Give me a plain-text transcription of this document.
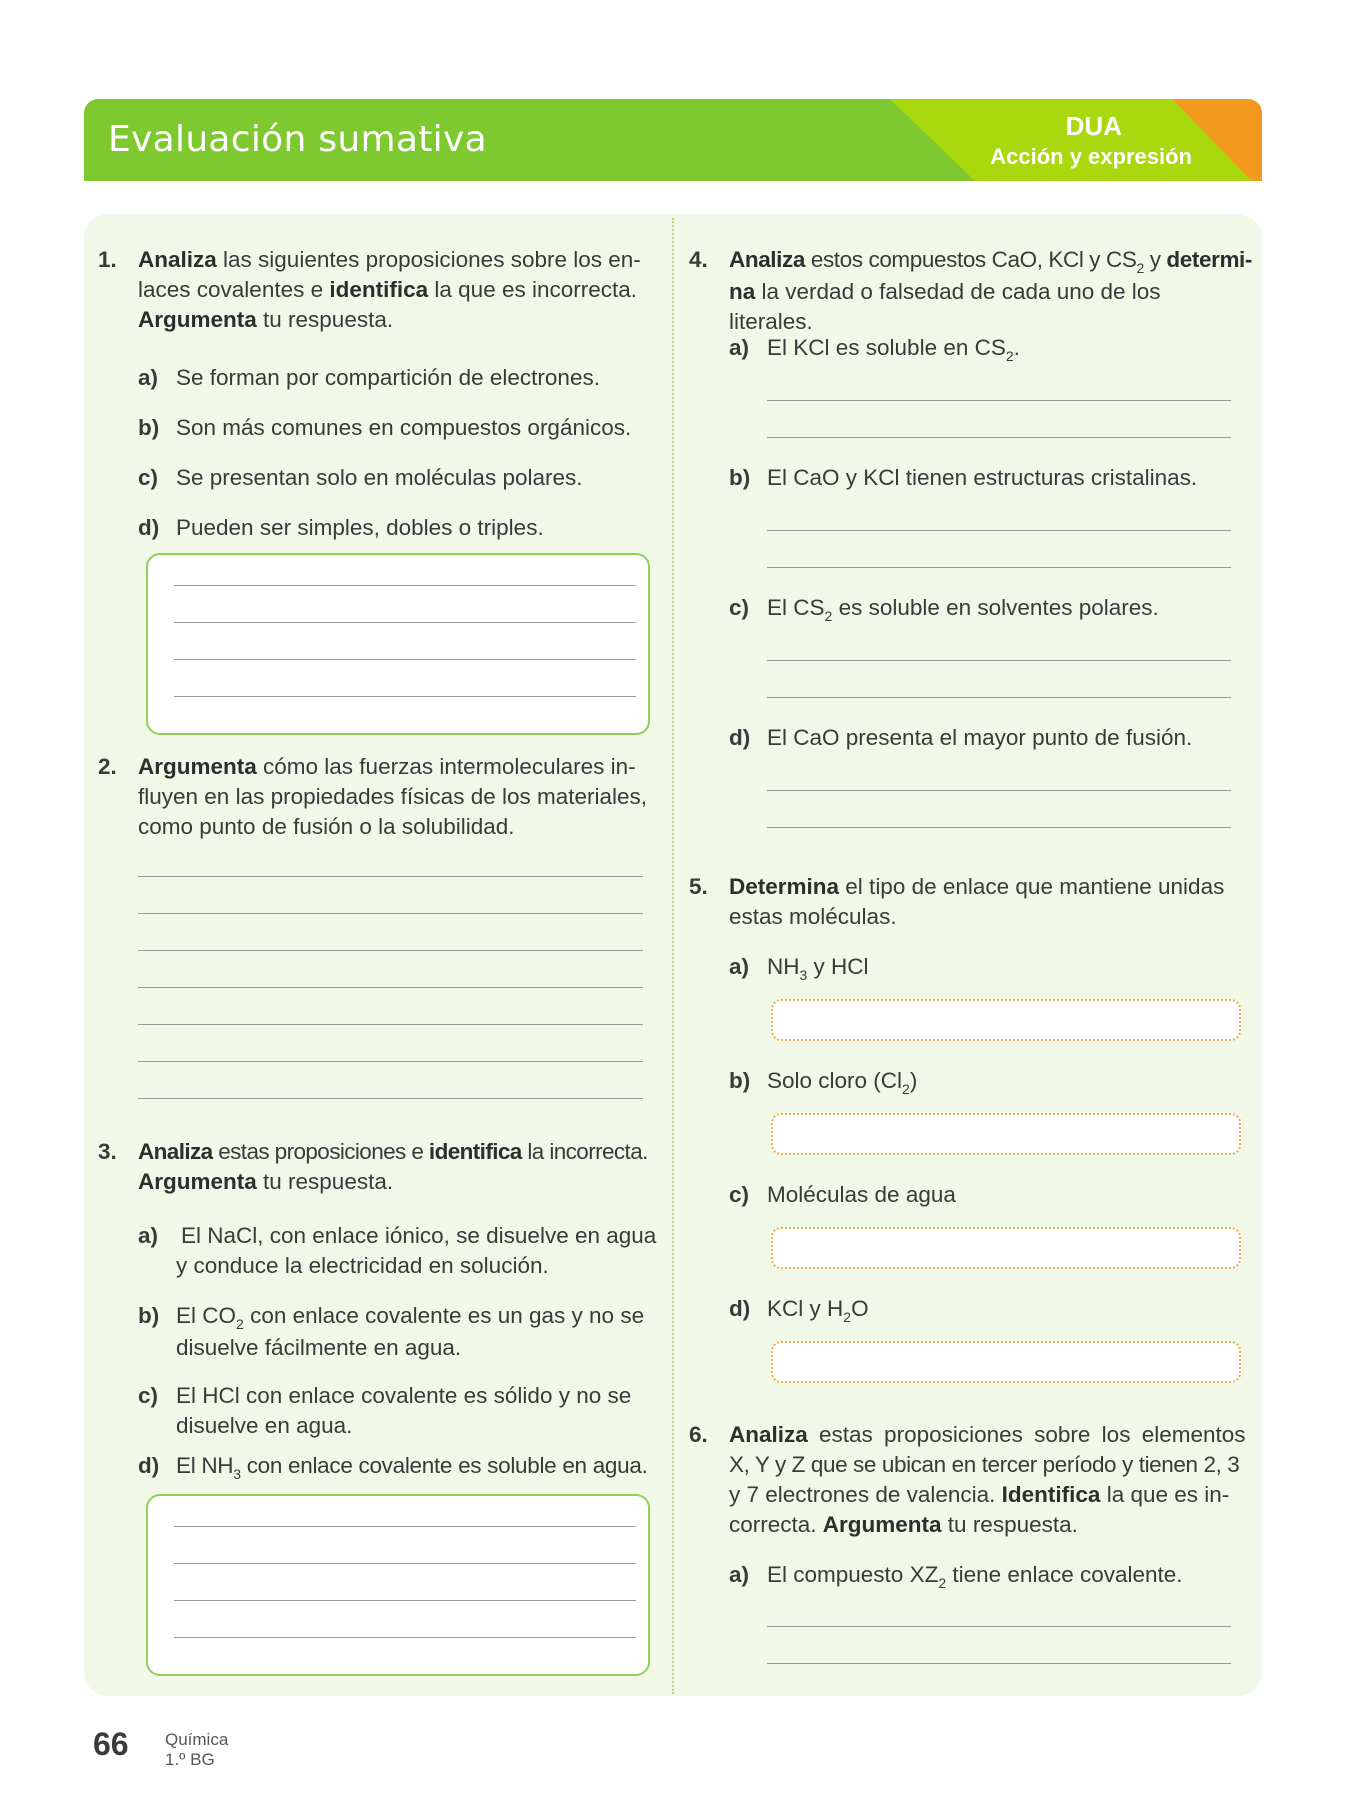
Evaluación sumativa	DUA
Acción y expresión
1. Analiza las siguientes proposiciones sobre los en-
laces covalentes e identifica la que es incorrecta.
Argumenta tu respuesta.
a) Se forman por compartición de electrones.
b) Son más comunes en compuestos orgánicos.
c) Se presentan solo en moléculas polares.
d) Pueden ser simples, dobles o triples.
2. Argumenta cómo las fuerzas intermoleculares in-
fluyen en las propiedades físicas de los materiales,
como punto de fusión o la solubilidad.
3. Analiza estas proposiciones e identifica la incorrecta.
Argumenta tu respuesta.
a) El NaCl, con enlace iónico, se disuelve en agua
y conduce la electricidad en solución.
b) El $CO_2$ con enlace covalente es un gas y no se
disuelve fácilmente en agua.
c) El HCl con enlace covalente es sólido y no se
disuelve en agua.
d) El $NH_3$ con enlace covalente es soluble en agua.
4. Analiza estos compuestos CaO, KCl y $CS_2$ y determi-
na la verdad o falsedad de cada uno de los literales.
a) El KCl es soluble en $CS_2$.
b) El CaO y KCl tienen estructuras cristalinas.
c) El $CS_2$ es soluble en solventes polares.
d) El CaO presenta el mayor punto de fusión.
5. Determina el tipo de enlace que mantiene unidas
estas moléculas.
a) $NH_3$ y HCl
b) Solo cloro $(Cl_2)$
c) Moléculas de agua
d) KCl y $H_2O$
6. Analiza estas proposiciones sobre los elementos
X, Y y Z que se ubican en tercer período y tienen 2, 3
y 7 electrones de valencia. Identifica la que es in-
correcta. Argumenta tu respuesta.
a) El compuesto $XZ_2$ tiene enlace covalente.
66 Química
1.º BG
